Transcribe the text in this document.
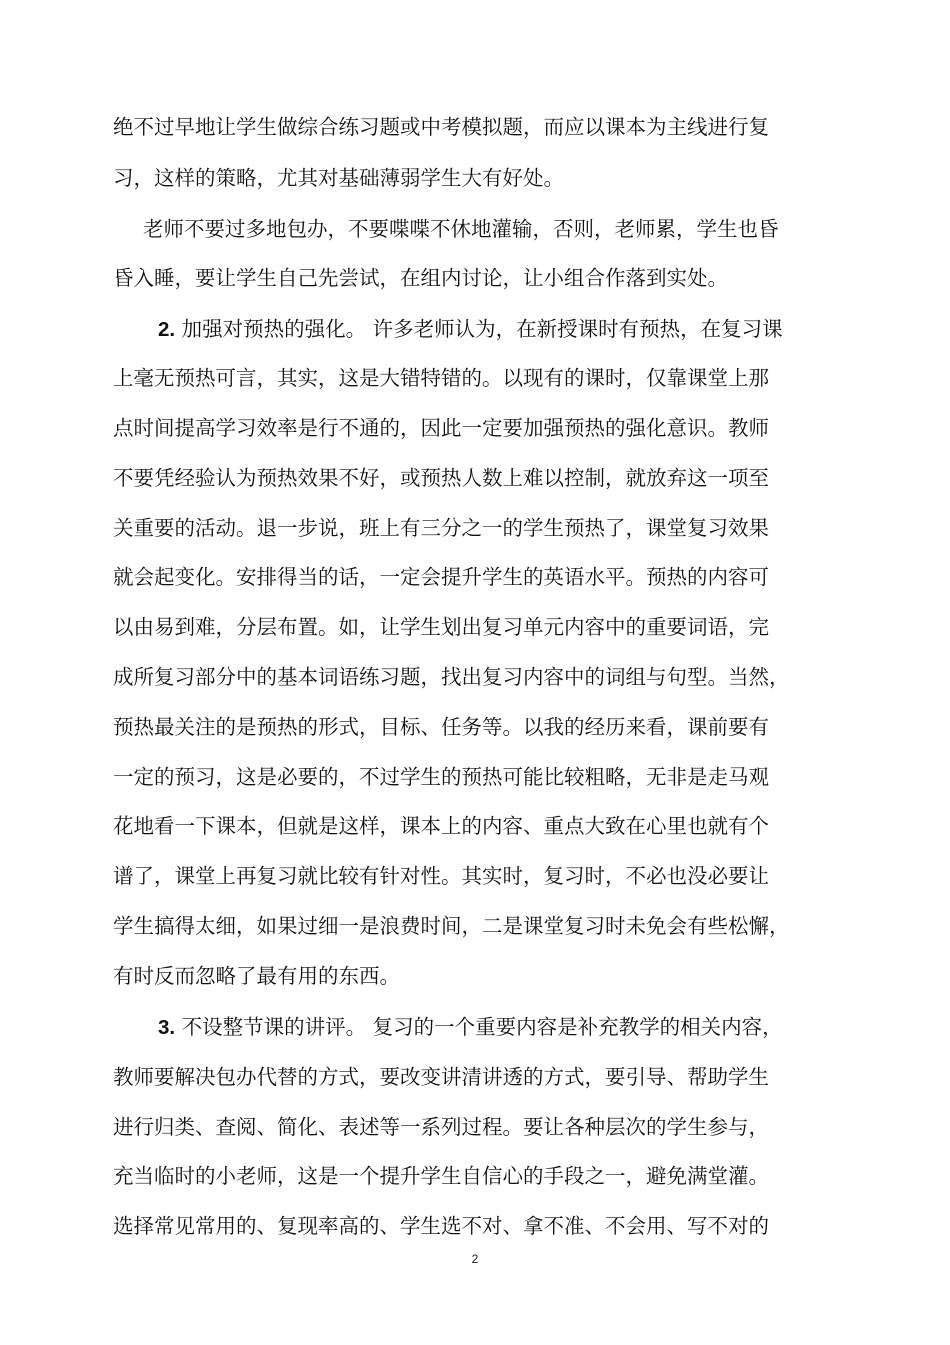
绝不过早地让学生做综合练习题或中考模拟题，而应以课本为主线进行复
习，这样的策略，尤其对基础薄弱学生大有好处。
老师不要过多地包办，不要喋喋不休地灌输，否则，老师累，学生也昏
昏入睡，要让学生自己先尝试，在组内讨论，让小组合作落到实处。
2. 加强对预热的强化。 许多老师认为，在新授课时有预热，在复习课
上毫无预热可言，其实，这是大错特错的。以现有的课时，仅靠课堂上那
点时间提高学习效率是行不通的，因此一定要加强预热的强化意识。教师
不要凭经验认为预热效果不好，或预热人数上难以控制，就放弃这一项至
关重要的活动。退一步说，班上有三分之一的学生预热了，课堂复习效果
就会起变化。安排得当的话，一定会提升学生的英语水平。预热的内容可
以由易到难，分层布置。如，让学生划出复习单元内容中的重要词语，完
成所复习部分中的基本词语练习题，找出复习内容中的词组与句型。当然，
预热最关注的是预热的形式，目标、任务等。以我的经历来看，课前要有
一定的预习，这是必要的，不过学生的预热可能比较粗略，无非是走马观
花地看一下课本，但就是这样，课本上的内容、重点大致在心里也就有个
谱了，课堂上再复习就比较有针对性。其实时，复习时，不必也没必要让
学生搞得太细，如果过细一是浪费时间，二是课堂复习时未免会有些松懈，
有时反而忽略了最有用的东西。
3. 不设整节课的讲评。 复习的一个重要内容是补充教学的相关内容，
教师要解决包办代替的方式，要改变讲清讲透的方式，要引导、帮助学生
进行归类、查阅、简化、表述等一系列过程。要让各种层次的学生参与，
充当临时的小老师，这是一个提升学生自信心的手段之一，避免满堂灌。
选择常见常用的、复现率高的、学生选不对、拿不准、不会用、写不对的
2
